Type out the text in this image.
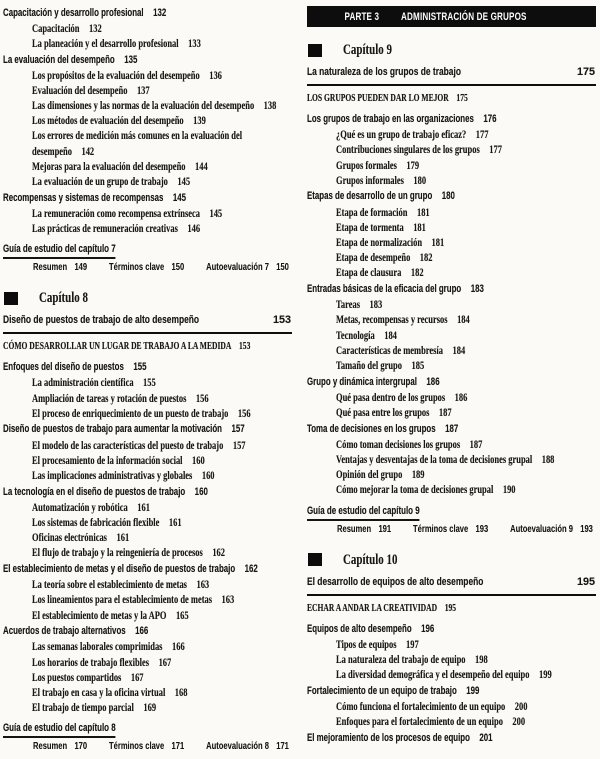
Capacitación y desarrollo profesional 132
Capacitación 132
La planeación y el desarrollo profesional 133
La evaluación del desempeño 135
Los propósitos de la evaluación del desempeño 136
Evaluación del desempeño 137
Las dimensiones y las normas de la evaluación del desempeño 138
Los métodos de evaluación del desempeño 139
Los errores de medición más comunes en la evaluación del
desempeño 142
Mejoras para la evaluación del desempeño 144
La evaluación de un grupo de trabajo 145
Recompensas y sistemas de recompensas 145
La remuneración como recompensa extrínseca 145
Las prácticas de remuneración creativas 146
Guía de estudio del capítulo 7
Resumen 149 Términos clave 150 Autoevaluación 7 150
Capítulo 8
Diseño de puestos de trabajo de alto desempeño	153
CÓMO DESARROLLAR UN LUGAR DE TRABAJO A LA MEDIDA 153
Enfoques del diseño de puestos 155
La administración científica 155
Ampliación de tareas y rotación de puestos 156
El proceso de enriquecimiento de un puesto de trabajo 156
Diseño de puestos de trabajo para aumentar la motivación 157
El modelo de las características del puesto de trabajo 157
El procesamiento de la información social 160
Las implicaciones administrativas y globales 160
La tecnología en el diseño de puestos de trabajo 160
Automatización y robótica 161
Los sistemas de fabricación flexible 161
Oficinas electrónicas 161
El flujo de trabajo y la reingeniería de procesos 162
El establecimiento de metas y el diseño de puestos de trabajo 162
La teoría sobre el establecimiento de metas 163
Los lineamientos para el establecimiento de metas 163
El establecimiento de metas y la APO 165
Acuerdos de trabajo alternativos 166
Las semanas laborales comprimidas 166
Los horarios de trabajo flexibles 167
Los puestos compartidos 167
El trabajo en casa y la oficina virtual 168
El trabajo de tiempo parcial 169
Guía de estudio del capítulo 8
Resumen 170 Términos clave 171 Autoevaluación 8 171
PARTE 3 ADMINISTRACIÓN DE GRUPOS
Capítulo 9
La naturaleza de los grupos de trabajo	175
LOS GRUPOS PUEDEN DAR LO MEJOR 175
Los grupos de trabajo en las organizaciones 176
¿Qué es un grupo de trabajo eficaz? 177
Contribuciones singulares de los grupos 177
Grupos formales 179
Grupos informales 180
Etapas de desarrollo de un grupo 180
Etapa de formación 181
Etapa de tormenta 181
Etapa de normalización 181
Etapa de desempeño 182
Etapa de clausura 182
Entradas básicas de la eficacia del grupo 183
Tareas 183
Metas, recompensas y recursos 184
Tecnología 184
Características de membresía 184
Tamaño del grupo 185
Grupo y dinámica intergrupal 186
Qué pasa dentro de los grupos 186
Qué pasa entre los grupos 187
Toma de decisiones en los grupos 187
Cómo toman decisiones los grupos 187
Ventajas y desventajas de la toma de decisiones grupal 188
Opinión del grupo 189
Cómo mejorar la toma de decisiones grupal 190
Guía de estudio del capítulo 9
Resumen 191 Términos clave 193 Autoevaluación 9 193
Capítulo 10
El desarrollo de equipos de alto desempeño	195
ECHAR A ANDAR LA CREATIVIDAD 195
Equipos de alto desempeño 196
Tipos de equipos 197
La naturaleza del trabajo de equipo 198
La diversidad demográfica y el desempeño del equipo 199
Fortalecimiento de un equipo de trabajo 199
Cómo funciona el fortalecimiento de un equipo 200
Enfoques para el fortalecimiento de un equipo 200
El mejoramiento de los procesos de equipo 201
